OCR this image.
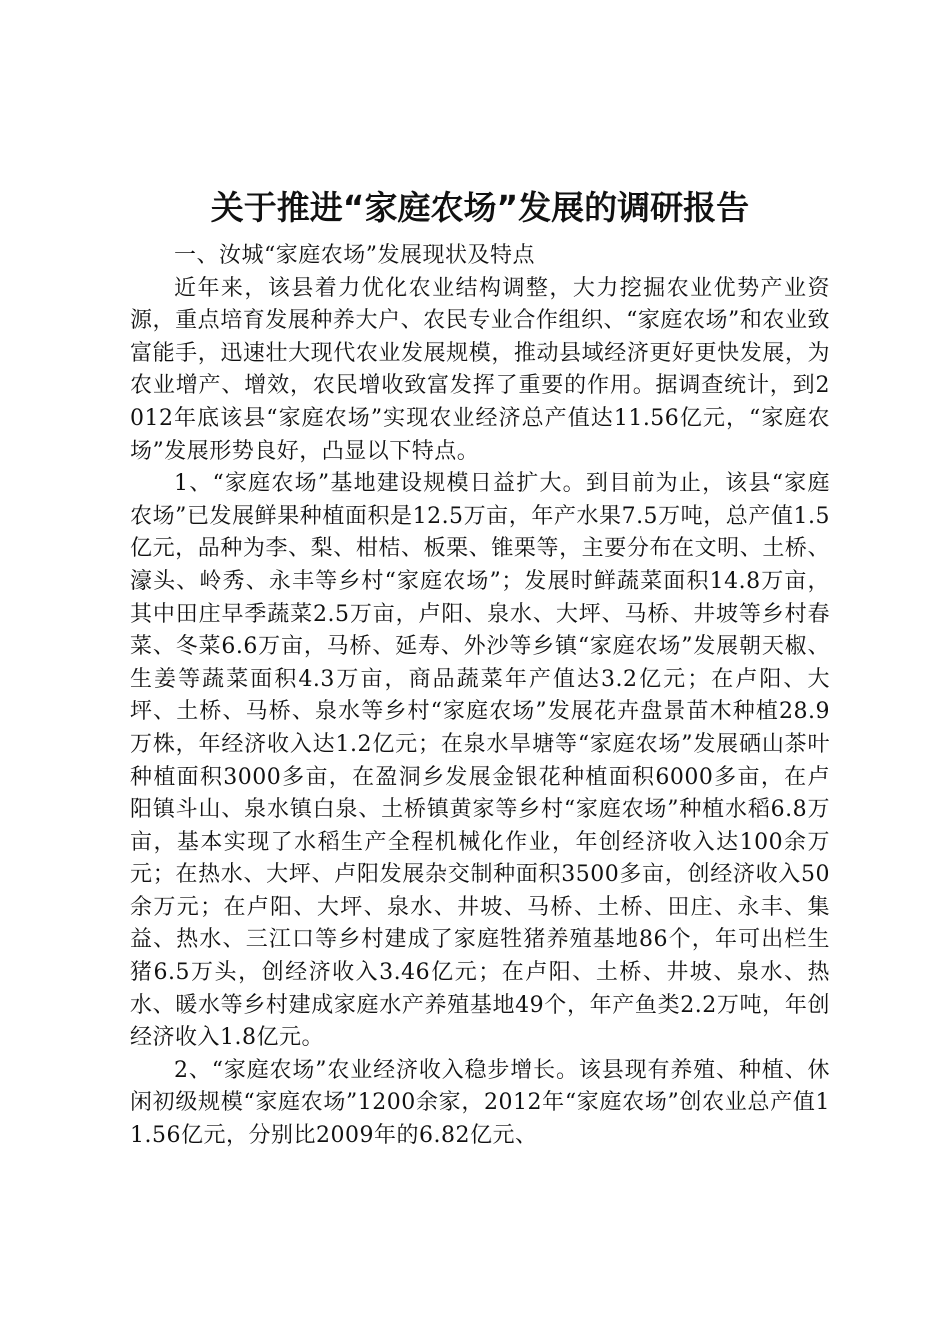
关于推进“家庭农场”发展的调研报告

一、汝城“家庭农场”发展现状及特点

近年来，该县着力优化农业结构调整，大力挖掘农业优势产业资源，重点培育发展种养大户、农民专业合作组织、“家庭农场”和农业致富能手，迅速壮大现代农业发展规模，推动县域经济更好更快发展，为农业增产、增效，农民增收致富发挥了重要的作用。据调查统计，到2012年底该县“家庭农场”实现农业经济总产值达11.56亿元，“家庭农场”发展形势良好，凸显以下特点。

1、“家庭农场”基地建设规模日益扩大。到目前为止，该县“家庭农场”已发展鲜果种植面积是12.5万亩，年产水果7.5万吨，总产值1.5亿元，品种为李、梨、柑桔、板栗、锥栗等，主要分布在文明、土桥、濠头、岭秀、永丰等乡村“家庭农场”；发展时鲜蔬菜面积14.8万亩，其中田庄早季蔬菜2.5万亩，卢阳、泉水、大坪、马桥、井坡等乡村春菜、冬菜6.6万亩，马桥、延寿、外沙等乡镇“家庭农场”发展朝天椒、生姜等蔬菜面积4.3万亩，商品蔬菜年产值达3.2亿元；在卢阳、大坪、土桥、马桥、泉水等乡村“家庭农场”发展花卉盘景苗木种植28.9万株，年经济收入达1.2亿元；在泉水旱塘等“家庭农场”发展硒山茶叶种植面积3000多亩，在盈洞乡发展金银花种植面积6000多亩，在卢阳镇斗山、泉水镇白泉、土桥镇黄家等乡村“家庭农场”种植水稻6.8万亩，基本实现了水稻生产全程机械化作业，年创经济收入达100余万元；在热水、大坪、卢阳发展杂交制种面积3500多亩，创经济收入50余万元；在卢阳、大坪、泉水、井坡、马桥、土桥、田庄、永丰、集益、热水、三江口等乡村建成了家庭牲猪养殖基地86个，年可出栏生猪6.5万头，创经济收入3.46亿元；在卢阳、土桥、井坡、泉水、热水、暖水等乡村建成家庭水产养殖基地49个，年产鱼类2.2万吨，年创经济收入1.8亿元。

2、“家庭农场”农业经济收入稳步增长。该县现有养殖、种植、休闲初级规模“家庭农场”1200余家，2012年“家庭农场”创农业总产值11.56亿元，分别比2009年的6.82亿元、
